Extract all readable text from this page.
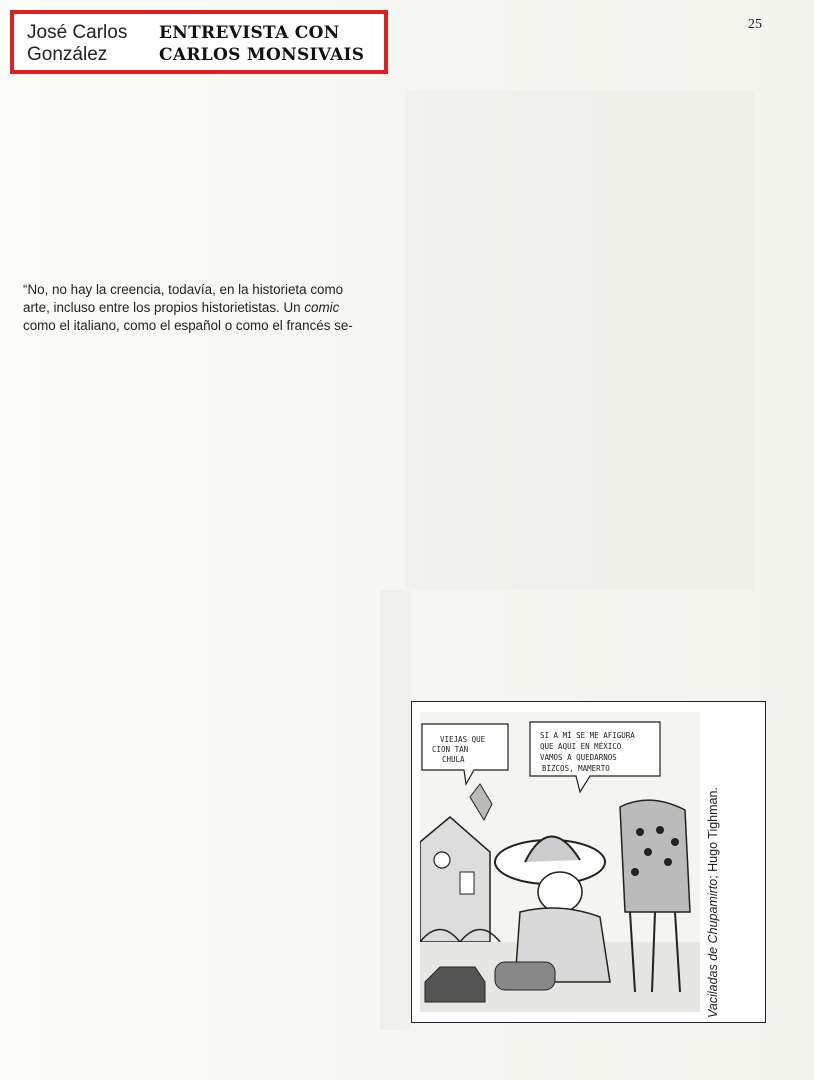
José Carlos
González
ENTREVISTA CON
CARLOS MONSIVAIS
25
“No, no hay la creencia, todavía, en la historieta como
arte, incluso entre los propios historietistas. Un comic
como el italiano, como el español o como el francés se-
VIEJAS QUE
CION TAN
CHULA
SI A MÍ SE ME AFIGURA
QUE AQUI EN MÉXICO
VAMOS A QUEDARNOS
BIZCOS, MAMERTO
Vaciladas de Chupamirto; Hugo Tighman.
